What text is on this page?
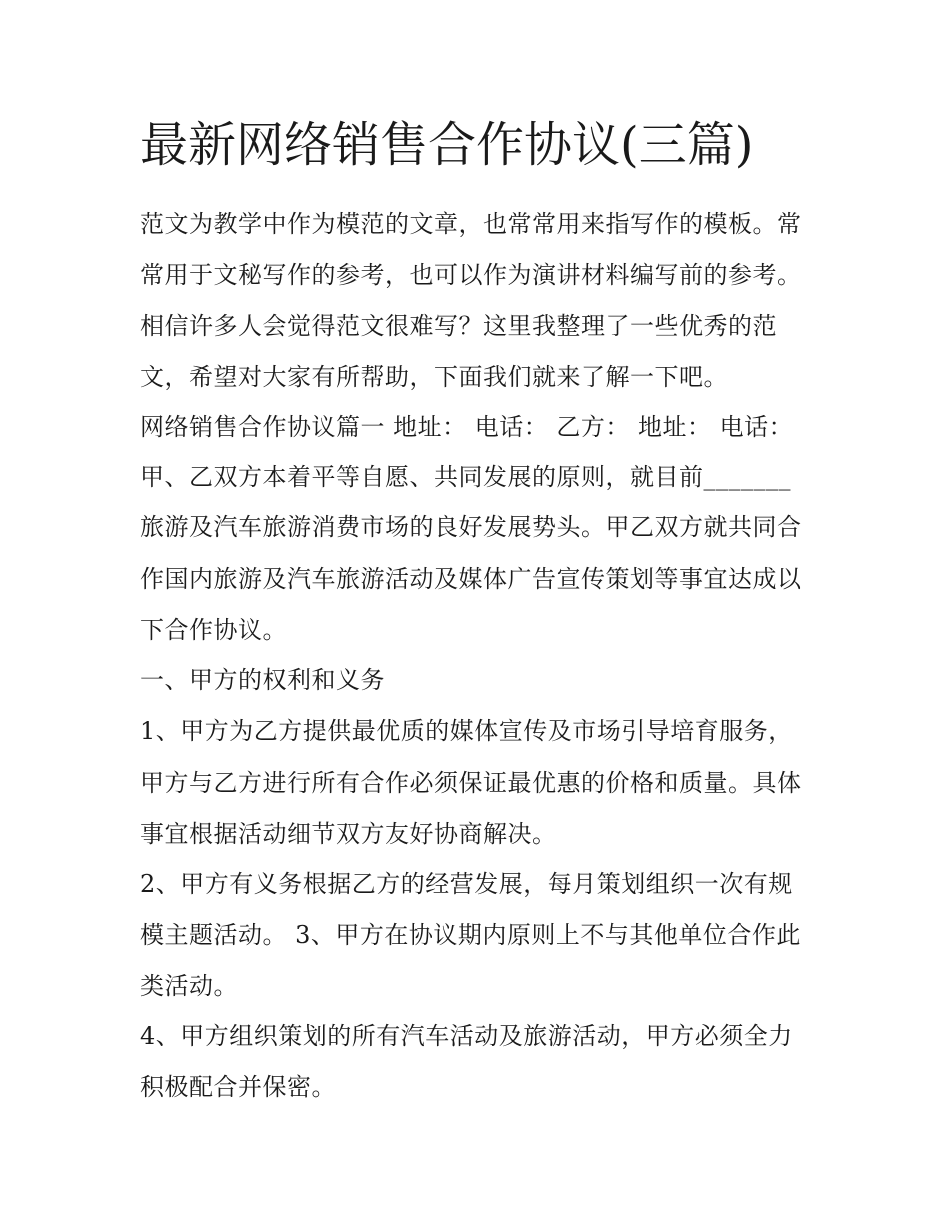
最新网络销售合作协议(三篇)

范文为教学中作为模范的文章，也常常用来指写作的模板。常

常用于文秘写作的参考，也可以作为演讲材料编写前的参考。

相信许多人会觉得范文很难写？这里我整理了一些优秀的范

文，希望对大家有所帮助，下面我们就来了解一下吧。

网络销售合作协议篇一 地址： 电话： 乙方： 地址： 电话：

甲、乙双方本着平等自愿、共同发展的原则，就目前_______

旅游及汽车旅游消费市场的良好发展势头。甲乙双方就共同合

作国内旅游及汽车旅游活动及媒体广告宣传策划等事宜达成以

下合作协议。

一、甲方的权利和义务

1、甲方为乙方提供最优质的媒体宣传及市场引导培育服务，

甲方与乙方进行所有合作必须保证最优惠的价格和质量。具体

事宜根据活动细节双方友好协商解决。

2、甲方有义务根据乙方的经营发展，每月策划组织一次有规

模主题活动。 3、甲方在协议期内原则上不与其他单位合作此

类活动。

4、甲方组织策划的所有汽车活动及旅游活动，甲方必须全力

积极配合并保密。
